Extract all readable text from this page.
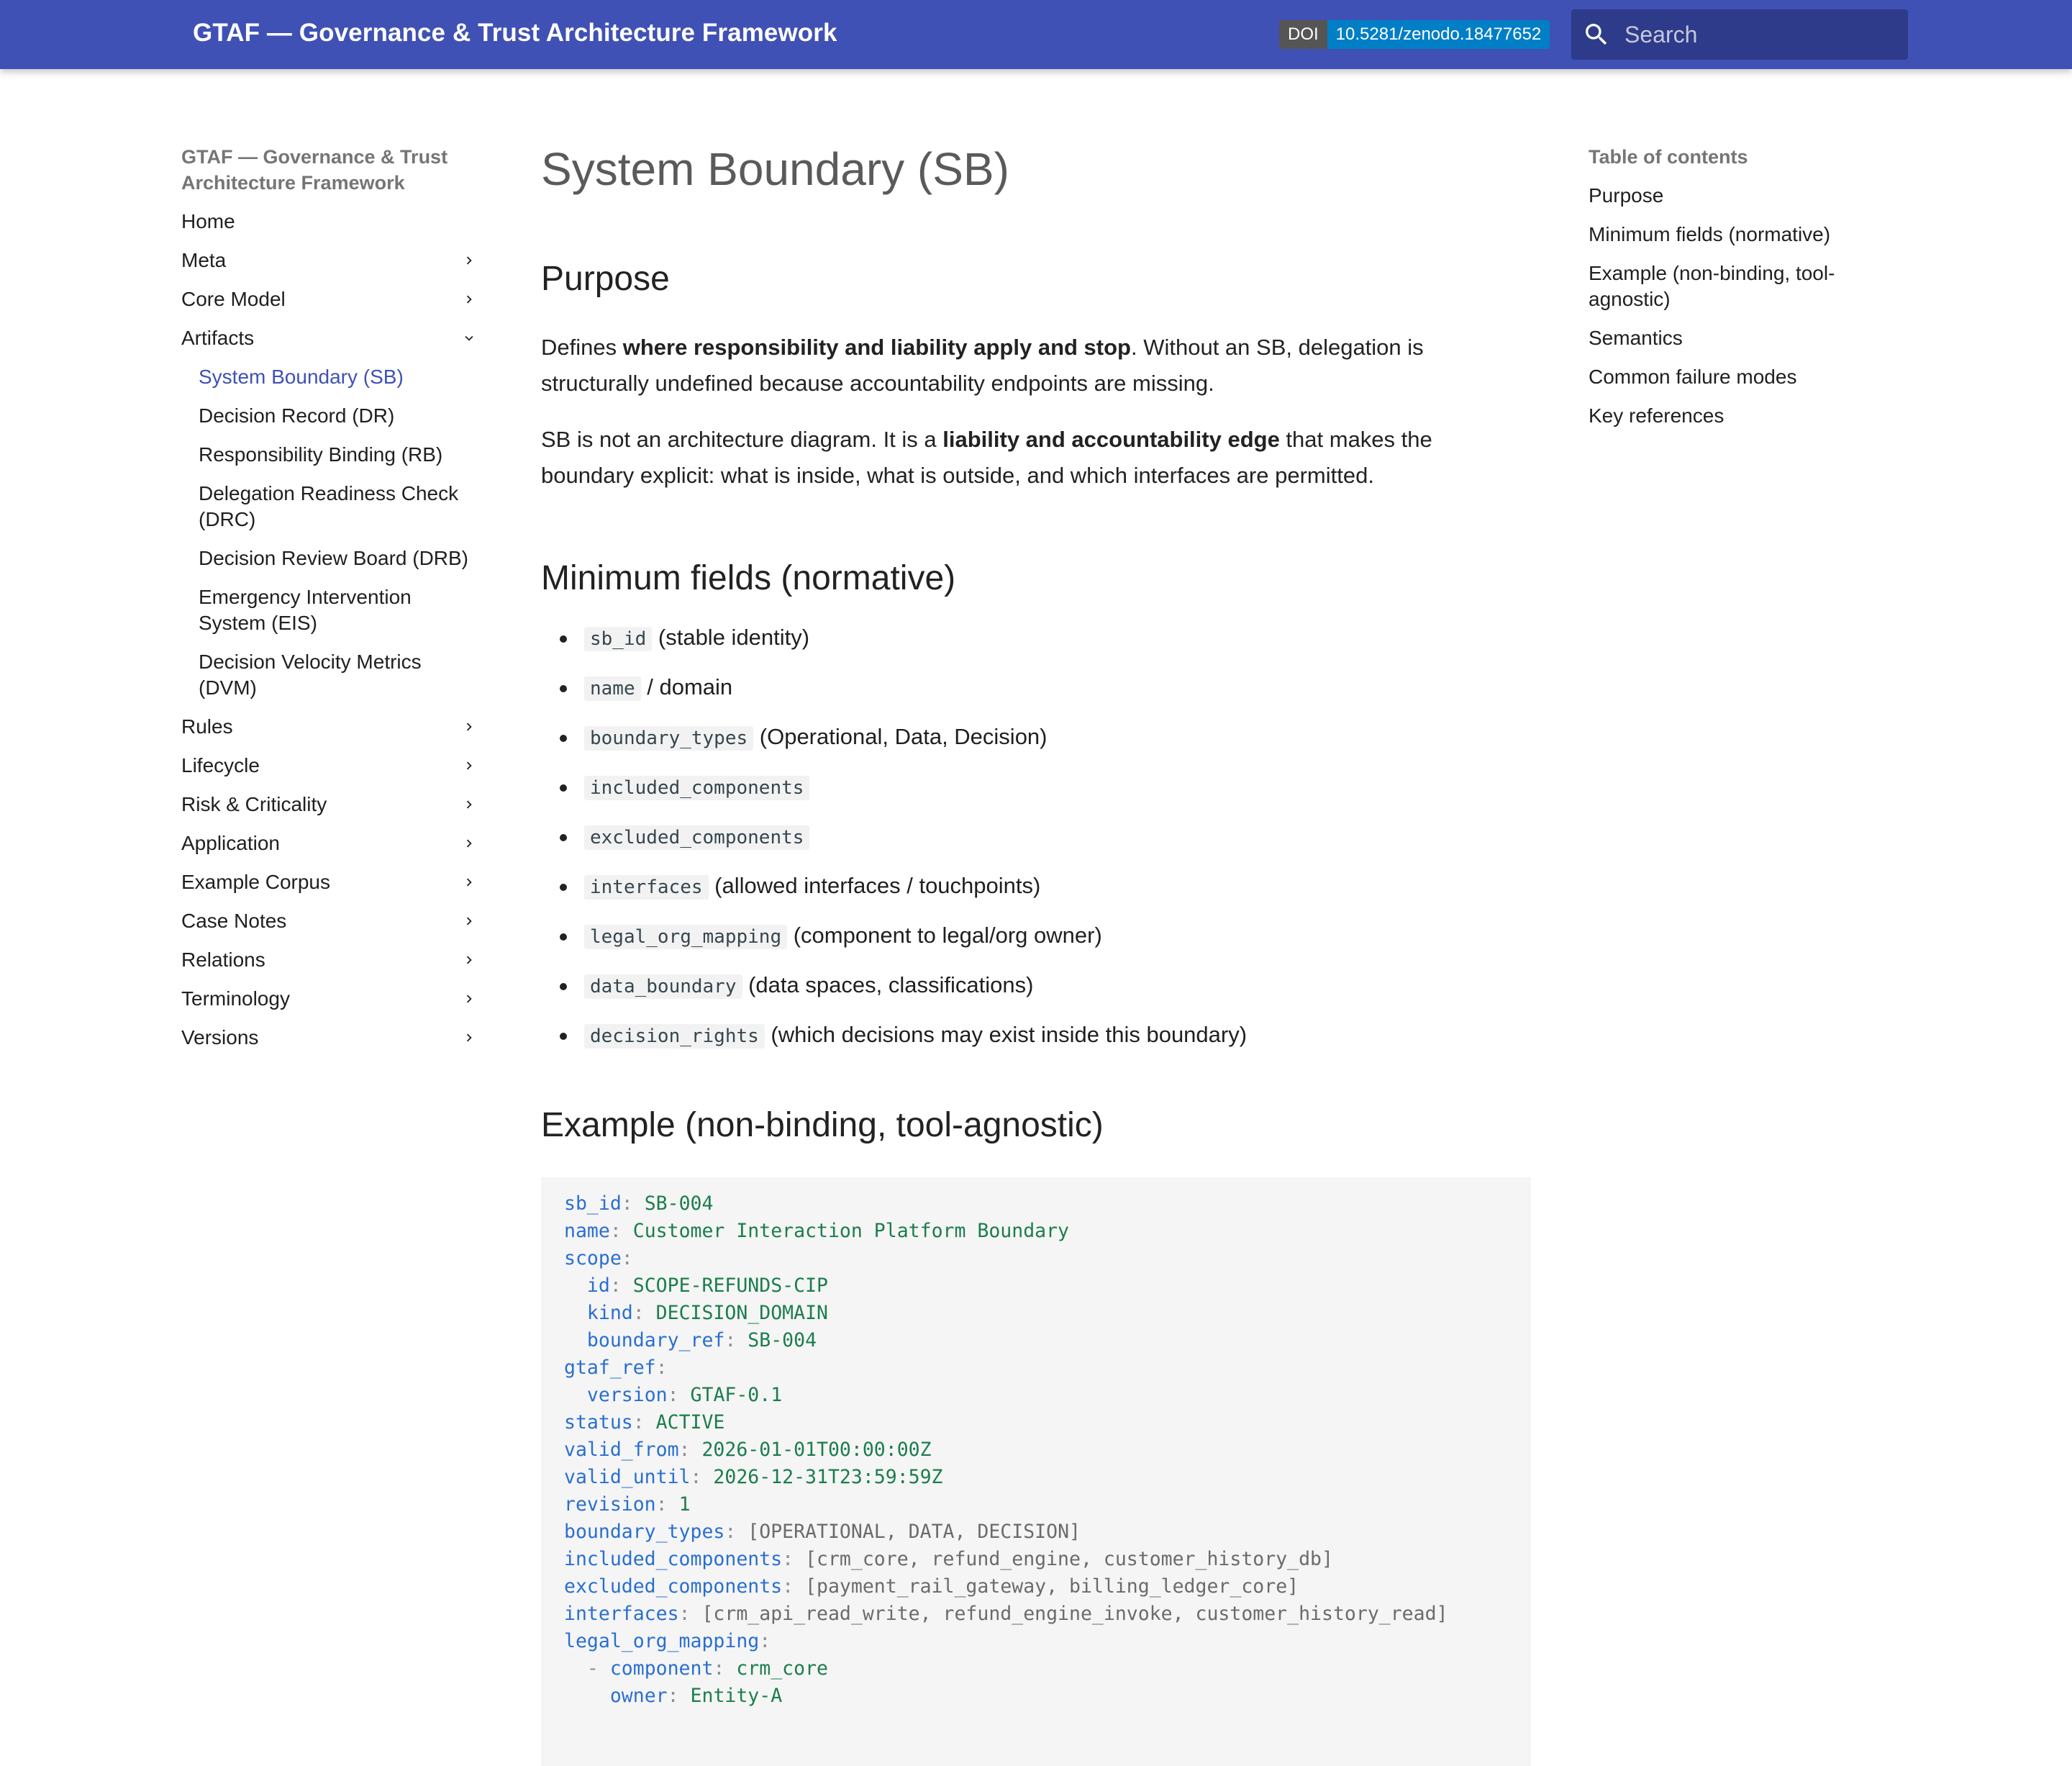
GTAF — Governance & Trust Architecture Framework	DOI	10.5281/zenodo.18477652
Search
GTAF — Governance & Trust Architecture Framework
Home
Meta
Core Model
Artifacts
System Boundary (SB)
Decision Record (DR)
Responsibility Binding (RB)
Delegation Readiness Check (DRC)
Decision Review Board (DRB)
Emergency Intervention System (EIS)
Decision Velocity Metrics (DVM)
Rules
Lifecycle
Risk & Criticality
Application
Example Corpus
Case Notes
Relations
Terminology
Versions
System Boundary (SB)
Purpose

Defines where responsibility and liability apply and stop. Without an SB, delegation is structurally undefined because accountability endpoints are missing.

SB is not an architecture diagram. It is a liability and accountability edge that makes the boundary explicit: what is inside, what is outside, and which interfaces are permitted.

Minimum fields (normative)
sb_id (stable identity)
name / domain
boundary_types (Operational, Data, Decision)
included_components
excluded_components
interfaces (allowed interfaces / touchpoints)
legal_org_mapping (component to legal/org owner)
data_boundary (data spaces, classifications)
decision_rights (which decisions may exist inside this boundary)
Example (non-binding, tool-agnostic)
sb_id: SB-004
name: Customer Interaction Platform Boundary
scope:
id: SCOPE-REFUNDS-CIP
kind: DECISION_DOMAIN
boundary_ref: SB-004
gtaf_ref:
version: GTAF-0.1
status: ACTIVE
valid_from: 2026-01-01T00:00:00Z
valid_until: 2026-12-31T23:59:59Z
revision: 1
boundary_types: [OPERATIONAL, DATA, DECISION]
included_components: [crm_core, refund_engine, customer_history_db]
excluded_components: [payment_rail_gateway, billing_ledger_core]
interfaces: [crm_api_read_write, refund_engine_invoke, customer_history_read]
legal_org_mapping:
- component: crm_core
owner: Entity-A
Table of contents
Purpose
Minimum fields (normative)
Example (non-binding, tool-agnostic)
Semantics
Common failure modes
Key references
